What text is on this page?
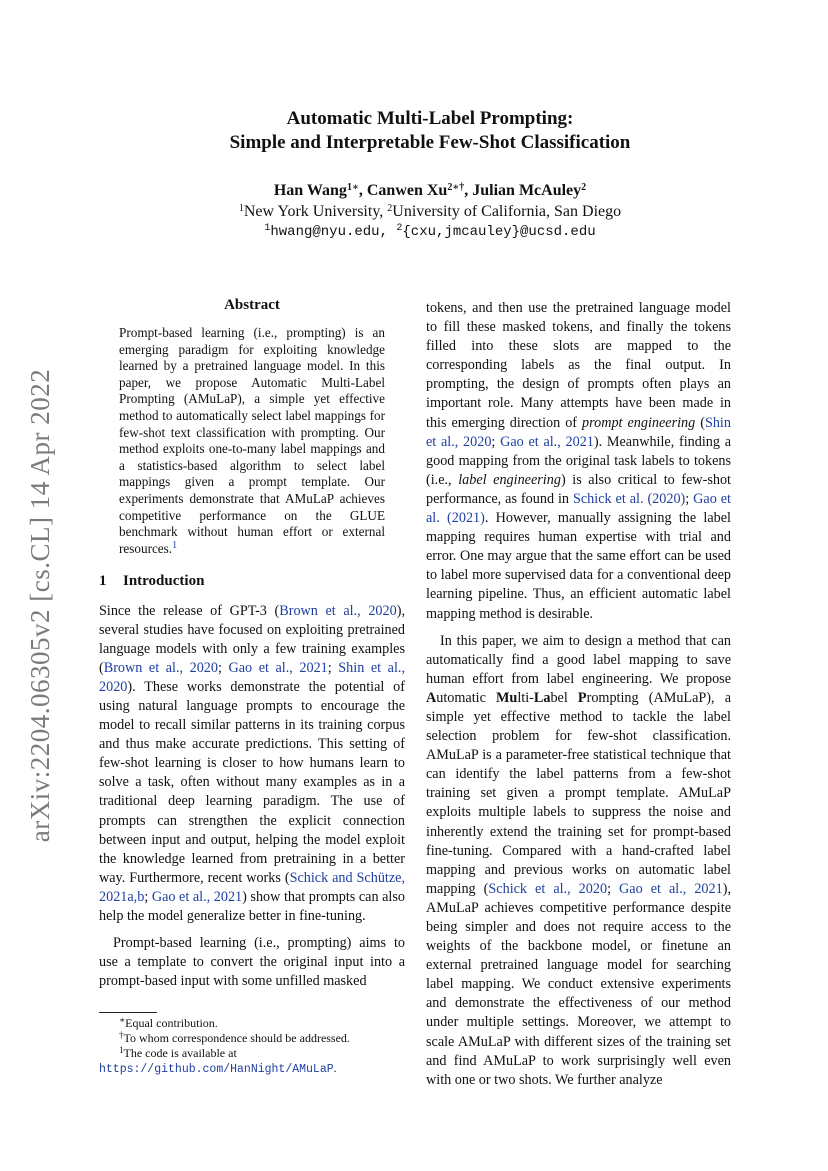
arXiv:2204.06305v2 [cs.CL] 14 Apr 2022
Automatic Multi-Label Prompting:
Simple and Interpretable Few-Shot Classification
Han Wang$^{1∗}$, Canwen $Xu^{2∗\dagger}$, Julian McAuley$^2$
$^1$New York University, $^2$University of California, San Diego
$^1$hwang@nyu.edu, $^2${cxu,jmcauley}@ucsd.edu
Abstract
Prompt-based learning (i.e., prompting) is an emerging paradigm for exploiting knowledge learned by a pretrained language model. In this paper, we propose Automatic Multi-Label Prompting (AMuLaP), a simple yet effective method to automatically select label mappings for few-shot text classification with prompting. Our method exploits one-to-many label mappings and a statistics-based algorithm to select label mappings given a prompt template. Our experiments demonstrate that AMuLaP achieves competitive performance on the GLUE benchmark without human effort or external resources.$^1$
1 Introduction

Since the release of GPT-3 (Brown et al., 2020), several studies have focused on exploiting pretrained language models with only a few training examples (Brown et al., 2020; Gao et al., 2021; Shin et al., 2020). These works demonstrate the potential of using natural language prompts to encourage the model to recall similar patterns in its training corpus and thus make accurate predictions. This setting of few-shot learning is closer to how humans learn to solve a task, often without many examples as in a traditional deep learning paradigm. The use of prompts can strengthen the explicit connection between input and output, helping the model exploit the knowledge learned from pretraining in a better way. Furthermore, recent works (Schick and Schütze, 2021a,b; Gao et al., 2021) show that prompts can also help the model generalize better in fine-tuning.

Prompt-based learning (i.e., prompting) aims to use a template to convert the original input into a prompt-based input with some unfilled masked

tokens, and then use the pretrained language model to fill these masked tokens, and finally the tokens filled into these slots are mapped to the corresponding labels as the final output. In prompting, the design of prompts often plays an important role. Many attempts have been made in this emerging direction of prompt engineering (Shin et al., 2020; Gao et al., 2021). Meanwhile, finding a good mapping from the original task labels to tokens (i.e., label engineering) is also critical to few-shot performance, as found in Schick et al. (2020); Gao et al. (2021). However, manually assigning the label mapping requires human expertise with trial and error. One may argue that the same effort can be used to label more supervised data for a conventional deep learning pipeline. Thus, an efficient automatic label mapping method is desirable.

In this paper, we aim to design a method that can automatically find a good label mapping to save human effort from label engineering. We propose Automatic Multi-Label Prompting (AMuLaP), a simple yet effective method to tackle the label selection problem for few-shot classification. AMuLaP is a parameter-free statistical technique that can identify the label patterns from a few-shot training set given a prompt template. AMuLaP exploits multiple labels to suppress the noise and inherently extend the training set for prompt-based fine-tuning. Compared with a hand-crafted label mapping and previous works on automatic label mapping (Schick et al., 2020; Gao et al., 2021), AMuLaP achieves competitive performance despite being simpler and does not require access to the weights of the backbone model, or finetune an external pretrained language model for searching label mapping. We conduct extensive experiments and demonstrate the effectiveness of our method under multiple settings. Moreover, we attempt to scale AMuLaP with different sizes of the training set and find AMuLaP to work surprisingly well even with one or two shots. We further analyze

∗Equal contribution.
†To whom correspondence should be addressed.
$^1$The code is available at https://github.com/HanNight/AMuLaP.
